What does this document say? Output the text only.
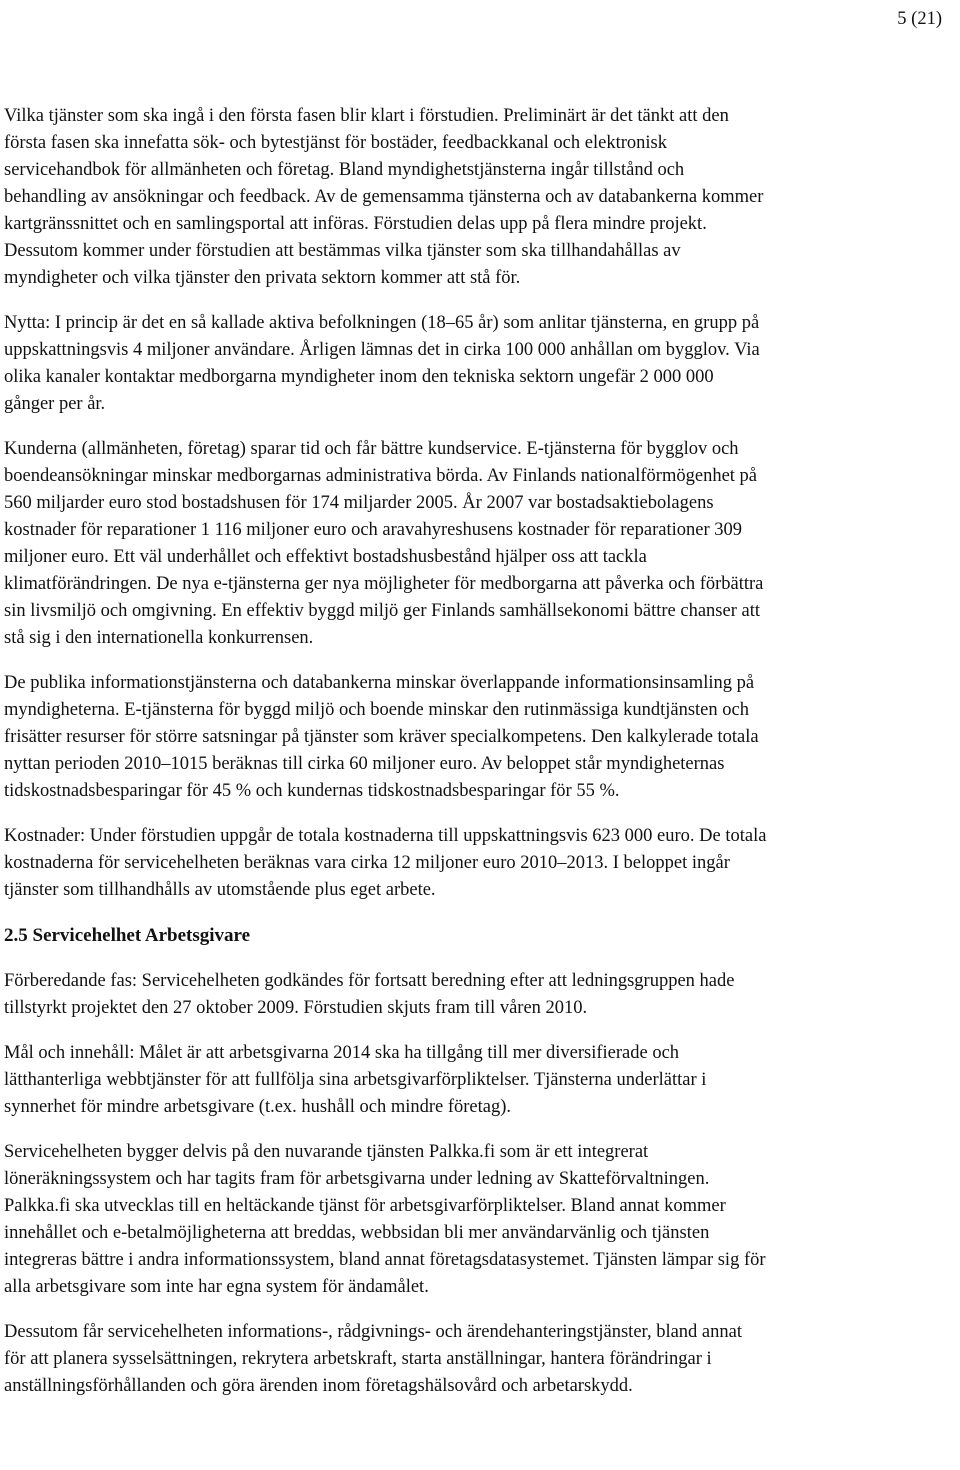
5 (21)

Vilka tjänster som ska ingå i den första fasen blir klart i förstudien. Preliminärt är det tänkt att den
första fasen ska innefatta sök- och bytestjänst för bostäder, feedbackkanal och elektronisk
servicehandbok för allmänheten och företag. Bland myndighetstjänsterna ingår tillstånd och
behandling av ansökningar och feedback. Av de gemensamma tjänsterna och av databankerna kommer
kartgränssnittet och en samlingsportal att införas. Förstudien delas upp på flera mindre projekt.
Dessutom kommer under förstudien att bestämmas vilka tjänster som ska tillhandahållas av
myndigheter och vilka tjänster den privata sektorn kommer att stå för.

Nytta: I princip är det en så kallade aktiva befolkningen (18–65 år) som anlitar tjänsterna, en grupp på
uppskattningsvis 4 miljoner användare. Årligen lämnas det in cirka 100 000 anhållan om bygglov. Via
olika kanaler kontaktar medborgarna myndigheter inom den tekniska sektorn ungefär 2 000 000
gånger per år.

Kunderna (allmänheten, företag) sparar tid och får bättre kundservice. E-tjänsterna för bygglov och
boendeansökningar minskar medborgarnas administrativa börda. Av Finlands nationalförmögenhet på
560 miljarder euro stod bostadshusen för 174 miljarder 2005. År 2007 var bostadsaktiebolagens
kostnader för reparationer 1 116 miljoner euro och aravahyreshusens kostnader för reparationer 309
miljoner euro. Ett väl underhållet och effektivt bostadshusbestånd hjälper oss att tackla
klimatförändringen. De nya e-tjänsterna ger nya möjligheter för medborgarna att påverka och förbättra
sin livsmiljö och omgivning. En effektiv byggd miljö ger Finlands samhällsekonomi bättre chanser att
stå sig i den internationella konkurrensen.

De publika informationstjänsterna och databankerna minskar överlappande informationsinsamling på
myndigheterna. E-tjänsterna för byggd miljö och boende minskar den rutinmässiga kundtjänsten och
frisätter resurser för större satsningar på tjänster som kräver specialkompetens. Den kalkylerade totala
nyttan perioden 2010–1015 beräknas till cirka 60 miljoner euro. Av beloppet står myndigheternas
tidskostnadsbesparingar för 45 % och kundernas tidskostnadsbesparingar för 55 %.

Kostnader: Under förstudien uppgår de totala kostnaderna till uppskattningsvis 623 000 euro. De totala
kostnaderna för servicehelheten beräknas vara cirka 12 miljoner euro 2010–2013. I beloppet ingår
tjänster som tillhandhålls av utomstående plus eget arbete.

2.5 Servicehelhet Arbetsgivare

Förberedande fas: Servicehelheten godkändes för fortsatt beredning efter att ledningsgruppen hade
tillstyrkt projektet den 27 oktober 2009. Förstudien skjuts fram till våren 2010.

Mål och innehåll: Målet är att arbetsgivarna 2014 ska ha tillgång till mer diversifierade och
lätthanterliga webbtjänster för att fullfölja sina arbetsgivarförpliktelser. Tjänsterna underlättar i
synnerhet för mindre arbetsgivare (t.ex. hushåll och mindre företag).

Servicehelheten bygger delvis på den nuvarande tjänsten Palkka.fi som är ett integrerat
löneräkningssystem och har tagits fram för arbetsgivarna under ledning av Skatteförvaltningen.
Palkka.fi ska utvecklas till en heltäckande tjänst för arbetsgivarförpliktelser. Bland annat kommer
innehållet och e-betalmöjligheterna att breddas, webbsidan bli mer användarvänlig och tjänsten
integreras bättre i andra informationssystem, bland annat företagsdatasystemet. Tjänsten lämpar sig för
alla arbetsgivare som inte har egna system för ändamålet.

Dessutom får servicehelheten informations-, rådgivnings- och ärendehanteringstjänster, bland annat
för att planera sysselsättningen, rekrytera arbetskraft, starta anställningar, hantera förändringar i
anställningsförhållanden och göra ärenden inom företagshälsovård och arbetarskydd.
